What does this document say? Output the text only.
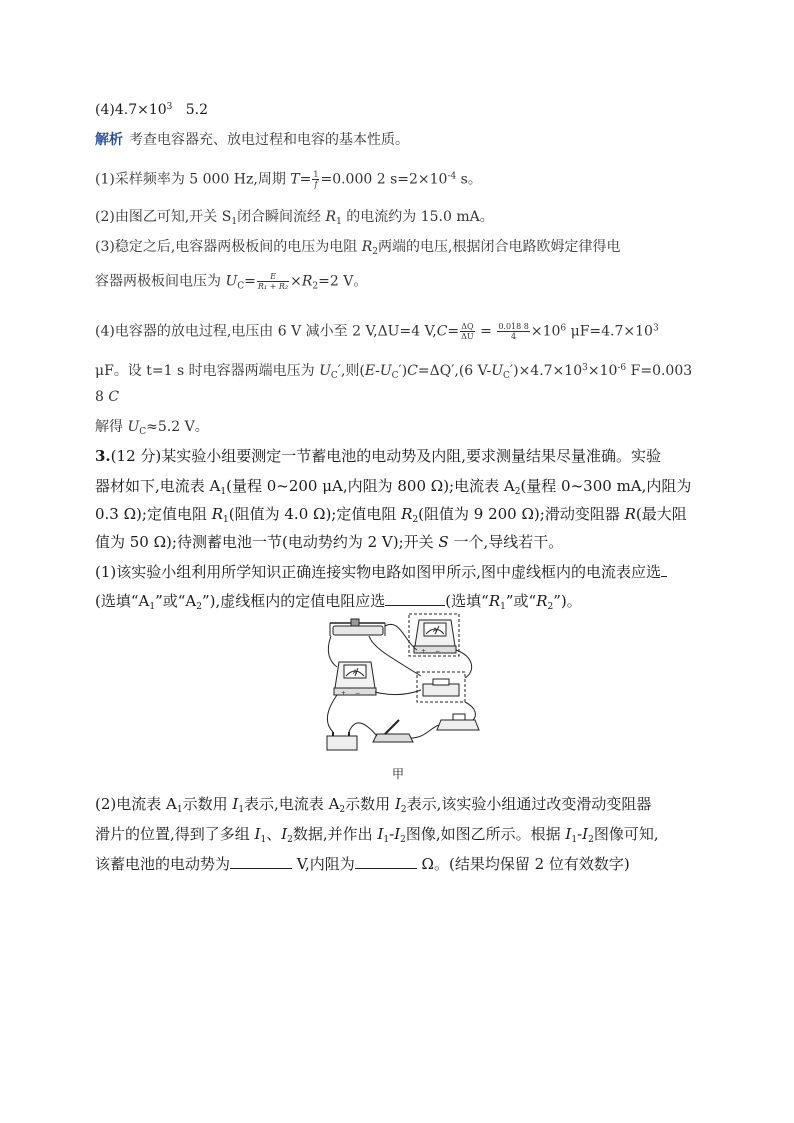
$(4)4.7\times 10^3$   5.2
解析 考查电容器充、放电过程和电容的基本性质。
(1)采样频率为 5 000 Hz,周期 $T= \frac{1}{f} =0.000$ 2 $s=2\times 10^{-4}$ s。
(2)由图乙可知,开关 $S_1$闭合瞬间流经 $R_1$ 的电流约为 15.0 mA。
(3)稳定之后,电容器两极板间的电压为电阻 $R_2$两端的电压,根据闭合电路欧姆定律得电
容器两极板间电压为 $U_C= \frac{E}{\text{R₁ + R₂}} \times R_2=2$ V。
(4)电容器的放电过程,电压由 6 V 减小至 2 V,ΔU=4 $V,C= \frac{\Delta Q}{\Delta U} = \frac{0.018 8}{4} \times 10^6$ $\mu F=4.7\times 10^3$
μF。设 t=1 s 时电容器两端电压为 $U_C'$,则$(E-U_C')C=\Delta Q',(6$ $V-U_C')\times 4.7\times 10^3\times 10^{-6}$ F=0.003
8 C
解得 $U_C\approx 5.2$ V。
3.(12 分)某实验小组要测定一节蓄电池的电动势及内阻,要求测量结果尽量准确。实验
器材如下,电流表 $A_1$(量程 0~200 μA,内阻为 800 Ω);电流表 $A_2$(量程 0~300 mA,内阻为
0.3 Ω);定值电阻 $R_1$(阻值为 4.0 Ω);定值电阻 $R_2$(阻值为 9 200 Ω);滑动变阻器 R(最大阻
值为 50 Ω);待测蓄电池一节(电动势约为 2 V);开关 S 一个,导线若干。
(1)该实验小组利用所学知识正确连接实物电路如图甲所示,图中虚线框内的电流表应选
(选填“$A_1$”或“$A_2$”),虚线框内的定值电阻应选	(选填“$R_1$”或“$R_2$”)。
A
A
+ −
+ −
甲
(2)电流表 $A_1$示数用 $I_1$表示,电流表 $A_2$示数用 $I_2$表示,该实验小组通过改变滑动变阻器
滑片的位置,得到了多组 $I_1$、$I_2$数据,并作出 $I_1-I_2$图像,如图乙所示。根据 $I_1-I_2$图像可知,
该蓄电池的电动势为	V,内阻为	Ω。(结果均保留 2 位有效数字)
